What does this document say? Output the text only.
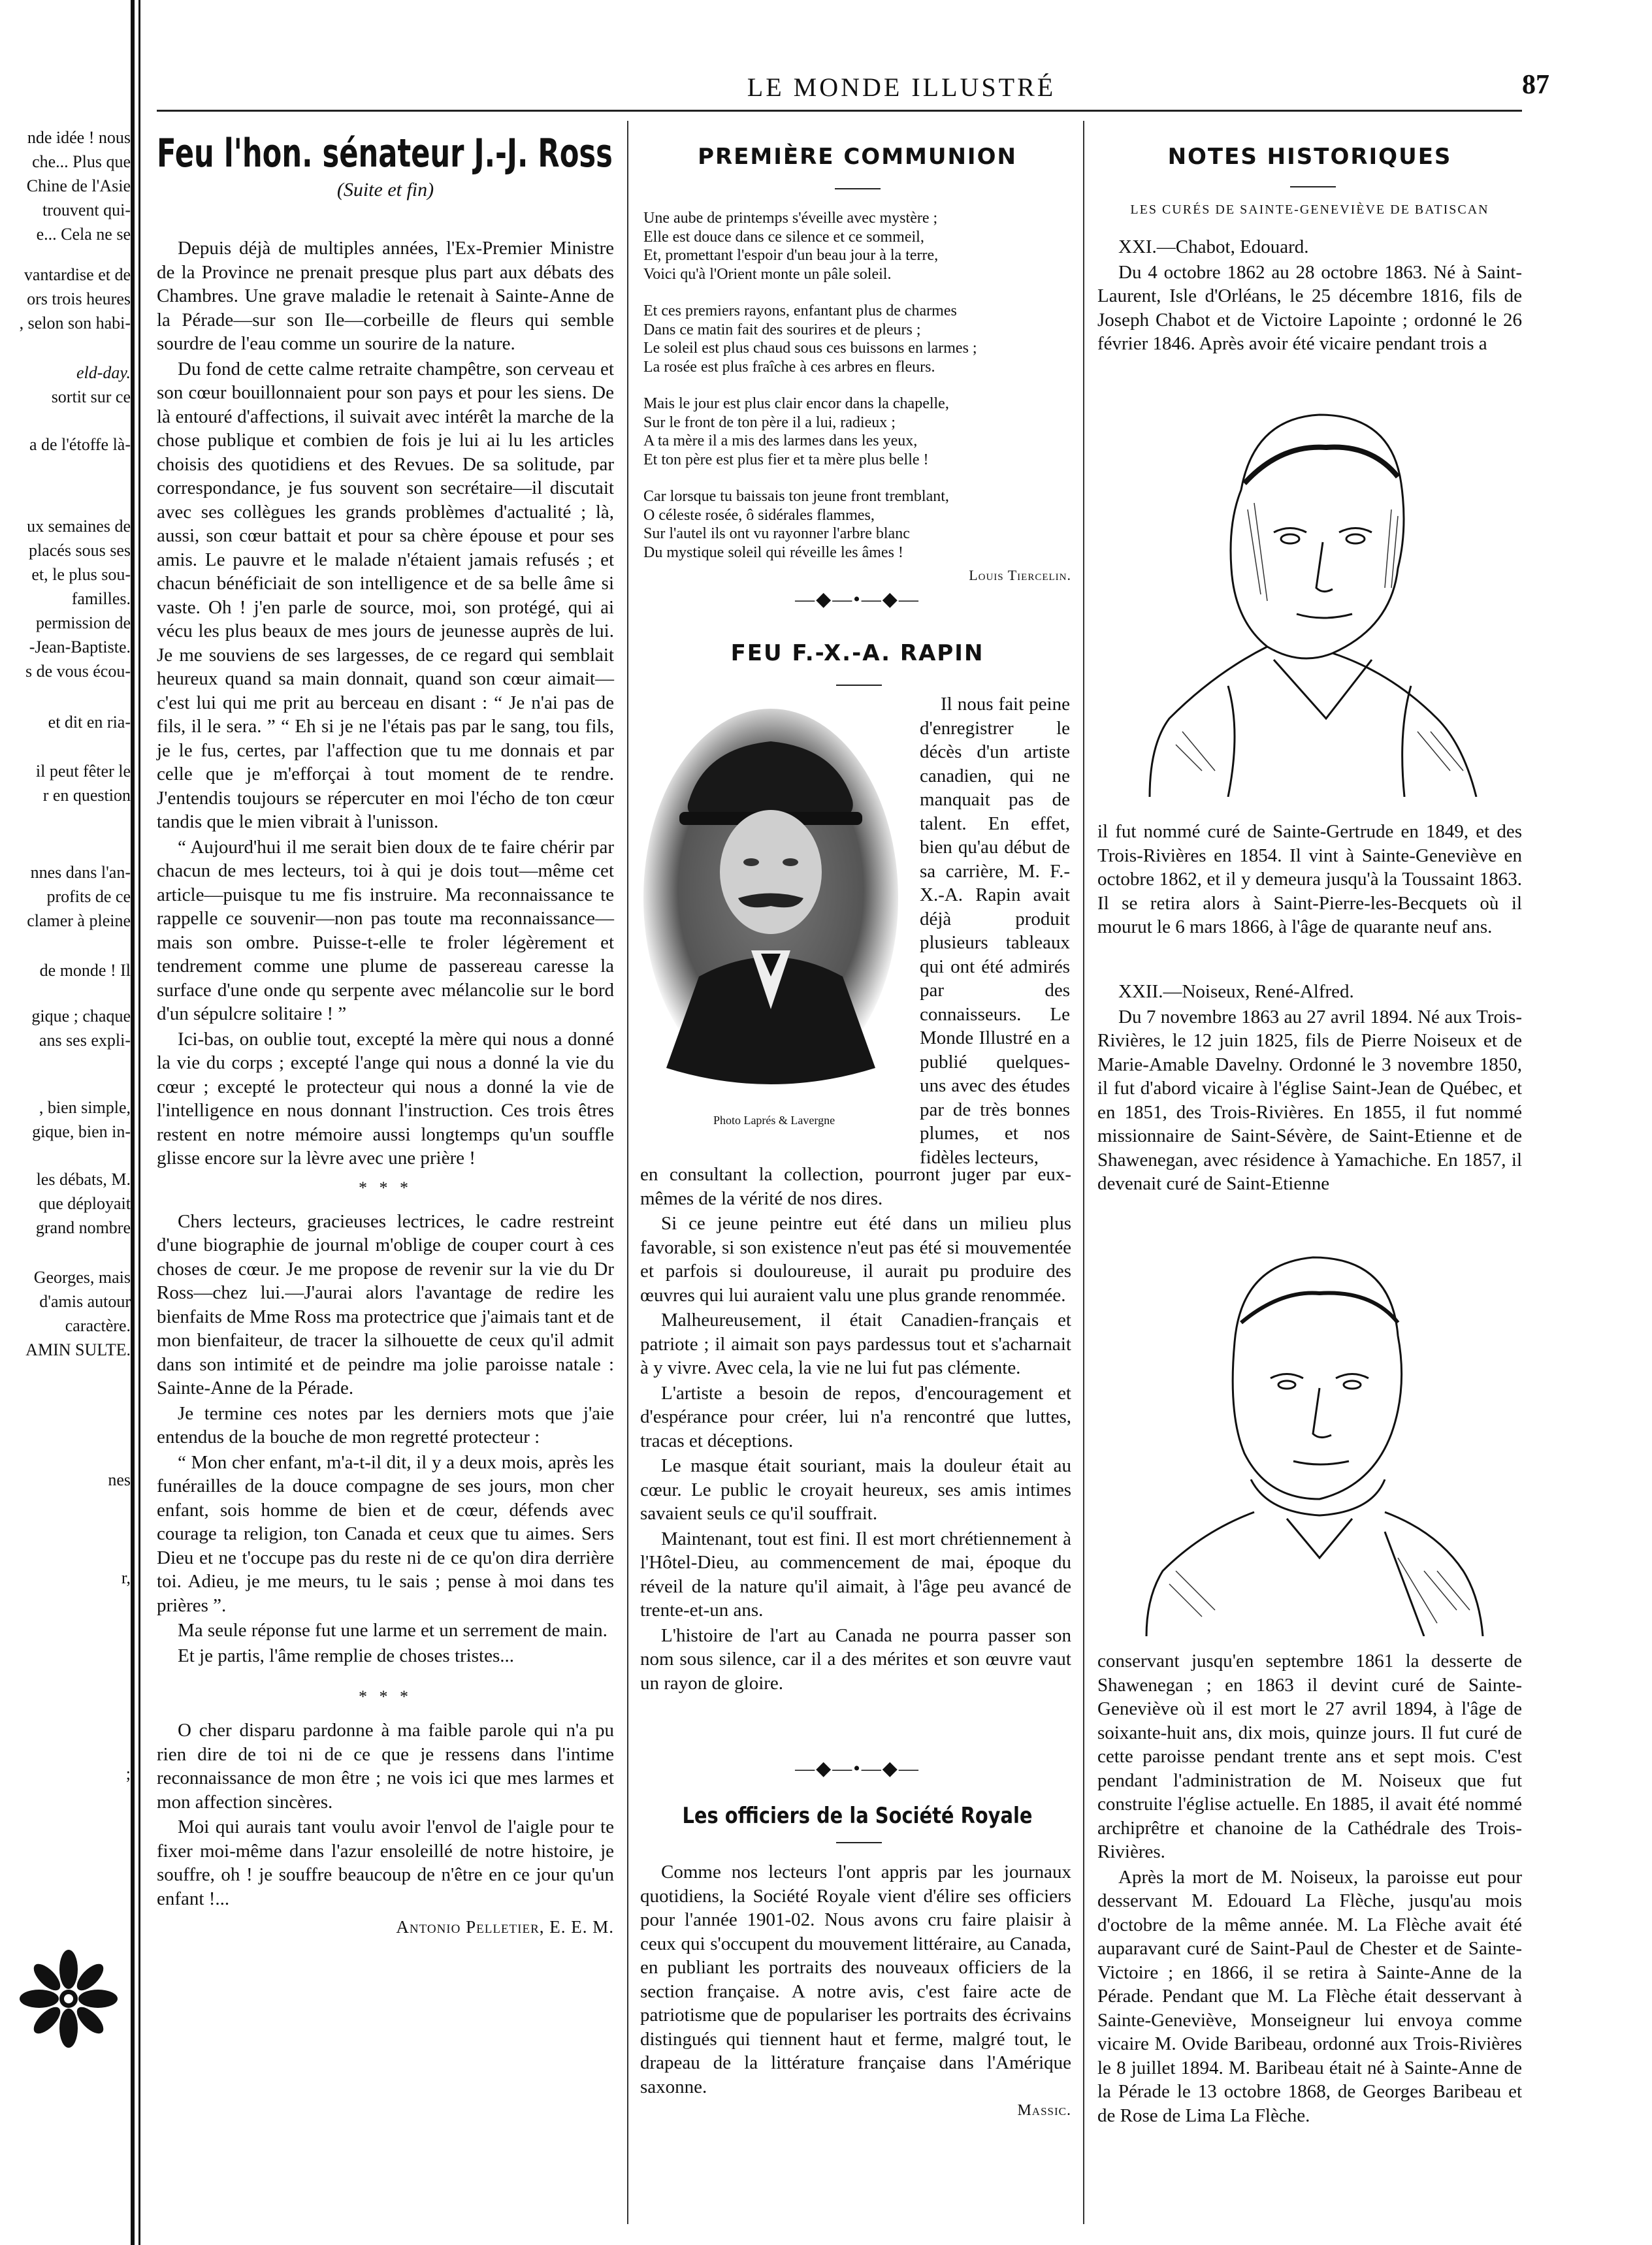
nde idée ! nous
che... Plus que
Chine de l'Asie
trouvent qui-
e... Cela ne se
vantardise et de
ors trois heures
, selon son habi-
eld-day.
sortit sur ce
a de l'étoffe là-
ux semaines de
placés sous ses
et, le plus sou-
familles.
permission de
-Jean-Baptiste.
s de vous écou-
et dit en ria-
il peut fêter le
r en question
nnes dans l'an-
profits de ce
clamer à pleine
de monde ! Il
gique ; chaque
ans ses expli-
, bien simple,
gique, bien in-
les débats, M.
que déployait
grand nombre
Georges, mais
d'amis autour
caractère.
AMIN SULTE.
nes
r,
;
LE MONDE ILLUSTRÉ	87
Feu l'hon. sénateur J.-J. Ross
(Suite et fin)

Depuis déjà de multiples années, l'Ex-Premier Ministre de la Province ne prenait presque plus part aux débats des Chambres. Une grave maladie le retenait à Sainte-Anne de la Pérade—sur son Ile—corbeille de fleurs qui semble sourdre de l'eau comme un sourire de la nature.

Du fond de cette calme retraite champêtre, son cerveau et son cœur bouillonnaient pour son pays et pour les siens. De là entouré d'affections, il suivait avec intérêt la marche de la chose publique et combien de fois je lui ai lu les articles choisis des quotidiens et des Revues. De sa solitude, par correspondance, je fus souvent son secrétaire—il discutait avec ses collègues les grands problèmes d'actualité ; là, aussi, son cœur battait et pour sa chère épouse et pour ses amis. Le pauvre et le malade n'étaient jamais refusés ; et chacun bénéficiait de son intelligence et de sa belle âme si vaste. Oh ! j'en parle de source, moi, son protégé, qui ai vécu les plus beaux de mes jours de jeunesse auprès de lui. Je me souviens de ses largesses, de ce regard qui semblait heureux quand sa main donnait, quand son cœur aimait—c'est lui qui me prit au berceau en disant : “ Je n'ai pas de fils, il le sera. ” “ Eh si je ne l'étais pas par le sang, tou fils, je le fus, certes, par l'affection que tu me donnais et par celle que je m'efforçai à tout moment de te rendre. J'entendis toujours se répercuter en moi l'écho de ton cœur tandis que le mien vibrait à l'unisson.

“ Aujourd'hui il me serait bien doux de te faire chérir par chacun de mes lecteurs, toi à qui je dois tout—même cet article—puisque tu me fis instruire. Ma reconnaissance te rappelle ce souvenir—non pas toute ma reconnaissance—mais son ombre. Puisse-t-elle te froler légèrement et tendrement comme une plume de passereau caresse la surface d'une onde qu serpente avec mélancolie sur le bord d'un sépulcre solitaire ! ”

Ici-bas, on oublie tout, excepté la mère qui nous a donné la vie du corps ; excepté l'ange qui nous a donné la vie du cœur ; excepté le protecteur qui nous a donné la vie de l'intelligence en nous donnant l'instruction. Ces trois êtres restent en notre mémoire aussi longtemps qu'un souffle glisse encore sur la lèvre avec une prière !

* * *

Chers lecteurs, gracieuses lectrices, le cadre restreint d'une biographie de journal m'oblige de couper court à ces choses de cœur. Je me propose de revenir sur la vie du Dr Ross—chez lui.—J'aurai alors l'avantage de redire les bienfaits de Mme Ross ma protectrice que j'aimais tant et de mon bienfaiteur, de tracer la silhouette de ceux qu'il admit dans son intimité et de peindre ma jolie paroisse natale : Sainte-Anne de la Pérade.

Je termine ces notes par les derniers mots que j'aie entendus de la bouche de mon regretté protecteur :

“ Mon cher enfant, m'a-t-il dit, il y a deux mois, après les funérailles de la douce compagne de ses jours, mon cher enfant, sois homme de bien et de cœur, défends avec courage ta religion, ton Canada et ceux que tu aimes. Sers Dieu et ne t'occupe pas du reste ni de ce qu'on dira derrière toi. Adieu, je me meurs, tu le sais ; pense à moi dans tes prières ”.

Ma seule réponse fut une larme et un serrement de main.

Et je partis, l'âme remplie de choses tristes...

* * *

O cher disparu pardonne à ma faible parole qui n'a pu rien dire de toi ni de ce que je ressens dans l'intime reconnaissance de mon être ; ne vois ici que mes larmes et mon affection sincères.

Moi qui aurais tant voulu avoir l'envol de l'aigle pour te fixer moi-même dans l'azur ensoleillé de notre histoire, je souffre, oh ! je souffre beaucoup de n'être en ce jour qu'un enfant !...

Antonio Pelletier, E. E. M.
PREMIÈRE COMMUNION
Une aube de printemps s'éveille avec mystère ;
Elle est douce dans ce silence et ce sommeil,
Et, promettant l'espoir d'un beau jour à la terre,
Voici qu'à l'Orient monte un pâle soleil.
Et ces premiers rayons, enfantant plus de charmes
Dans ce matin fait des sourires et de pleurs ;
Le soleil est plus chaud sous ces buissons en larmes ;
La rosée est plus fraîche à ces arbres en fleurs.
Mais le jour est plus clair encor dans la chapelle,
Sur le front de ton père il a lui, radieux ;
A ta mère il a mis des larmes dans les yeux,
Et ton père est plus fier et ta mère plus belle !
Car lorsque tu baissais ton jeune front tremblant,
O céleste rosée, ô sidérales flammes,
Sur l'autel ils ont vu rayonner l'arbre blanc
Du mystique soleil qui réveille les âmes !
Louis Tiercelin.
—◆—•—◆—
FEU F.-X.-A. RAPIN
Photo Laprés & Lavergne

Il nous fait peine d'enregistrer le décès d'un artiste canadien, qui ne manquait pas de talent. En effet, bien qu'au début de sa carrière, M. F.-X.-A. Rapin avait déjà produit plusieurs tableaux qui ont été admirés par des connaisseurs. Le Monde Illustré en a publié quelques-uns avec des études par de très bonnes plumes, et nos fidèles lecteurs,

en consultant la collection, pourront juger par eux-mêmes de la vérité de nos dires.

Si ce jeune peintre eut été dans un milieu plus favorable, si son existence n'eut pas été si mouvementée et parfois si douloureuse, il aurait pu produire des œuvres qui lui auraient valu une plus grande renommée.

Malheureusement, il était Canadien-français et patriote ; il aimait son pays pardessus tout et s'acharnait à y vivre. Avec cela, la vie ne lui fut pas clémente.

L'artiste a besoin de repos, d'encouragement et d'espérance pour créer, lui n'a rencontré que luttes, tracas et déceptions.

Le masque était souriant, mais la douleur était au cœur. Le public le croyait heureux, ses amis intimes savaient seuls ce qu'il souffrait.

Maintenant, tout est fini. Il est mort chrétiennement à l'Hôtel-Dieu, au commencement de mai, époque du réveil de la nature qu'il aimait, à l'âge peu avancé de trente-et-un ans.

L'histoire de l'art au Canada ne pourra passer son nom sous silence, car il a des mérites et son œuvre vaut un rayon de gloire.

—◆—•—◆—
Les officiers de la Société Royale

Comme nos lecteurs l'ont appris par les journaux quotidiens, la Société Royale vient d'élire ses officiers pour l'année 1901-02. Nous avons cru faire plaisir à ceux qui s'occupent du mouvement littéraire, au Canada, en publiant les portraits des nouveaux officiers de la section française. A notre avis, c'est faire acte de patriotisme que de populariser les portraits des écrivains distingués qui tiennent haut et ferme, malgré tout, le drapeau de la littérature française dans l'Amérique saxonne.

Massic.
NOTES HISTORIQUES
LES CURÉS DE SAINTE-GENEVIÈVE DE BATISCAN

XXI.—Chabot, Edouard.

Du 4 octobre 1862 au 28 octobre 1863. Né à Saint-Laurent, Isle d'Orléans, le 25 décembre 1816, fils de Joseph Chabot et de Victoire Lapointe ; ordonné le 26 février 1846. Après avoir été vicaire pendant trois a

il fut nommé curé de Sainte-Gertrude en 1849, et des Trois-Rivières en 1854. Il vint à Sainte-Geneviève en octobre 1862, et il y demeura jusqu'à la Toussaint 1863. Il se retira alors à Saint-Pierre-les-Becquets où il mourut le 6 mars 1866, à l'âge de quarante neuf ans.

XXII.—Noiseux, René-Alfred.

Du 7 novembre 1863 au 27 avril 1894. Né aux Trois-Rivières, le 12 juin 1825, fils de Pierre Noiseux et de Marie-Amable Davelny. Ordonné le 3 novembre 1850, il fut d'abord vicaire à l'église Saint-Jean de Québec, et en 1851, des Trois-Rivières. En 1855, il fut nommé missionnaire de Saint-Sévère, de Saint-Etienne et de Shawenegan, avec résidence à Yamachiche. En 1857, il devenait curé de Saint-Etienne

conservant jusqu'en septembre 1861 la desserte de Shawenegan ; en 1863 il devint curé de Sainte-Geneviève où il est mort le 27 avril 1894, à l'âge de soixante-huit ans, dix mois, quinze jours. Il fut curé de cette paroisse pendant trente ans et sept mois. C'est pendant l'administration de M. Noiseux que fut construite l'église actuelle. En 1885, il avait été nommé archiprêtre et chanoine de la Cathédrale des Trois-Rivières.

Après la mort de M. Noiseux, la paroisse eut pour desservant M. Edouard La Flèche, jusqu'au mois d'octobre de la même année. M. La Flèche avait été auparavant curé de Saint-Paul de Chester et de Sainte-Victoire ; en 1866, il se retira à Sainte-Anne de la Pérade. Pendant que M. La Flèche était desservant à Sainte-Geneviève, Monseigneur lui envoya comme vicaire M. Ovide Baribeau, ordonné aux Trois-Rivières le 8 juillet 1894. M. Baribeau était né à Sainte-Anne de la Pérade le 13 octobre 1868, de Georges Baribeau et de Rose de Lima La Flèche.
